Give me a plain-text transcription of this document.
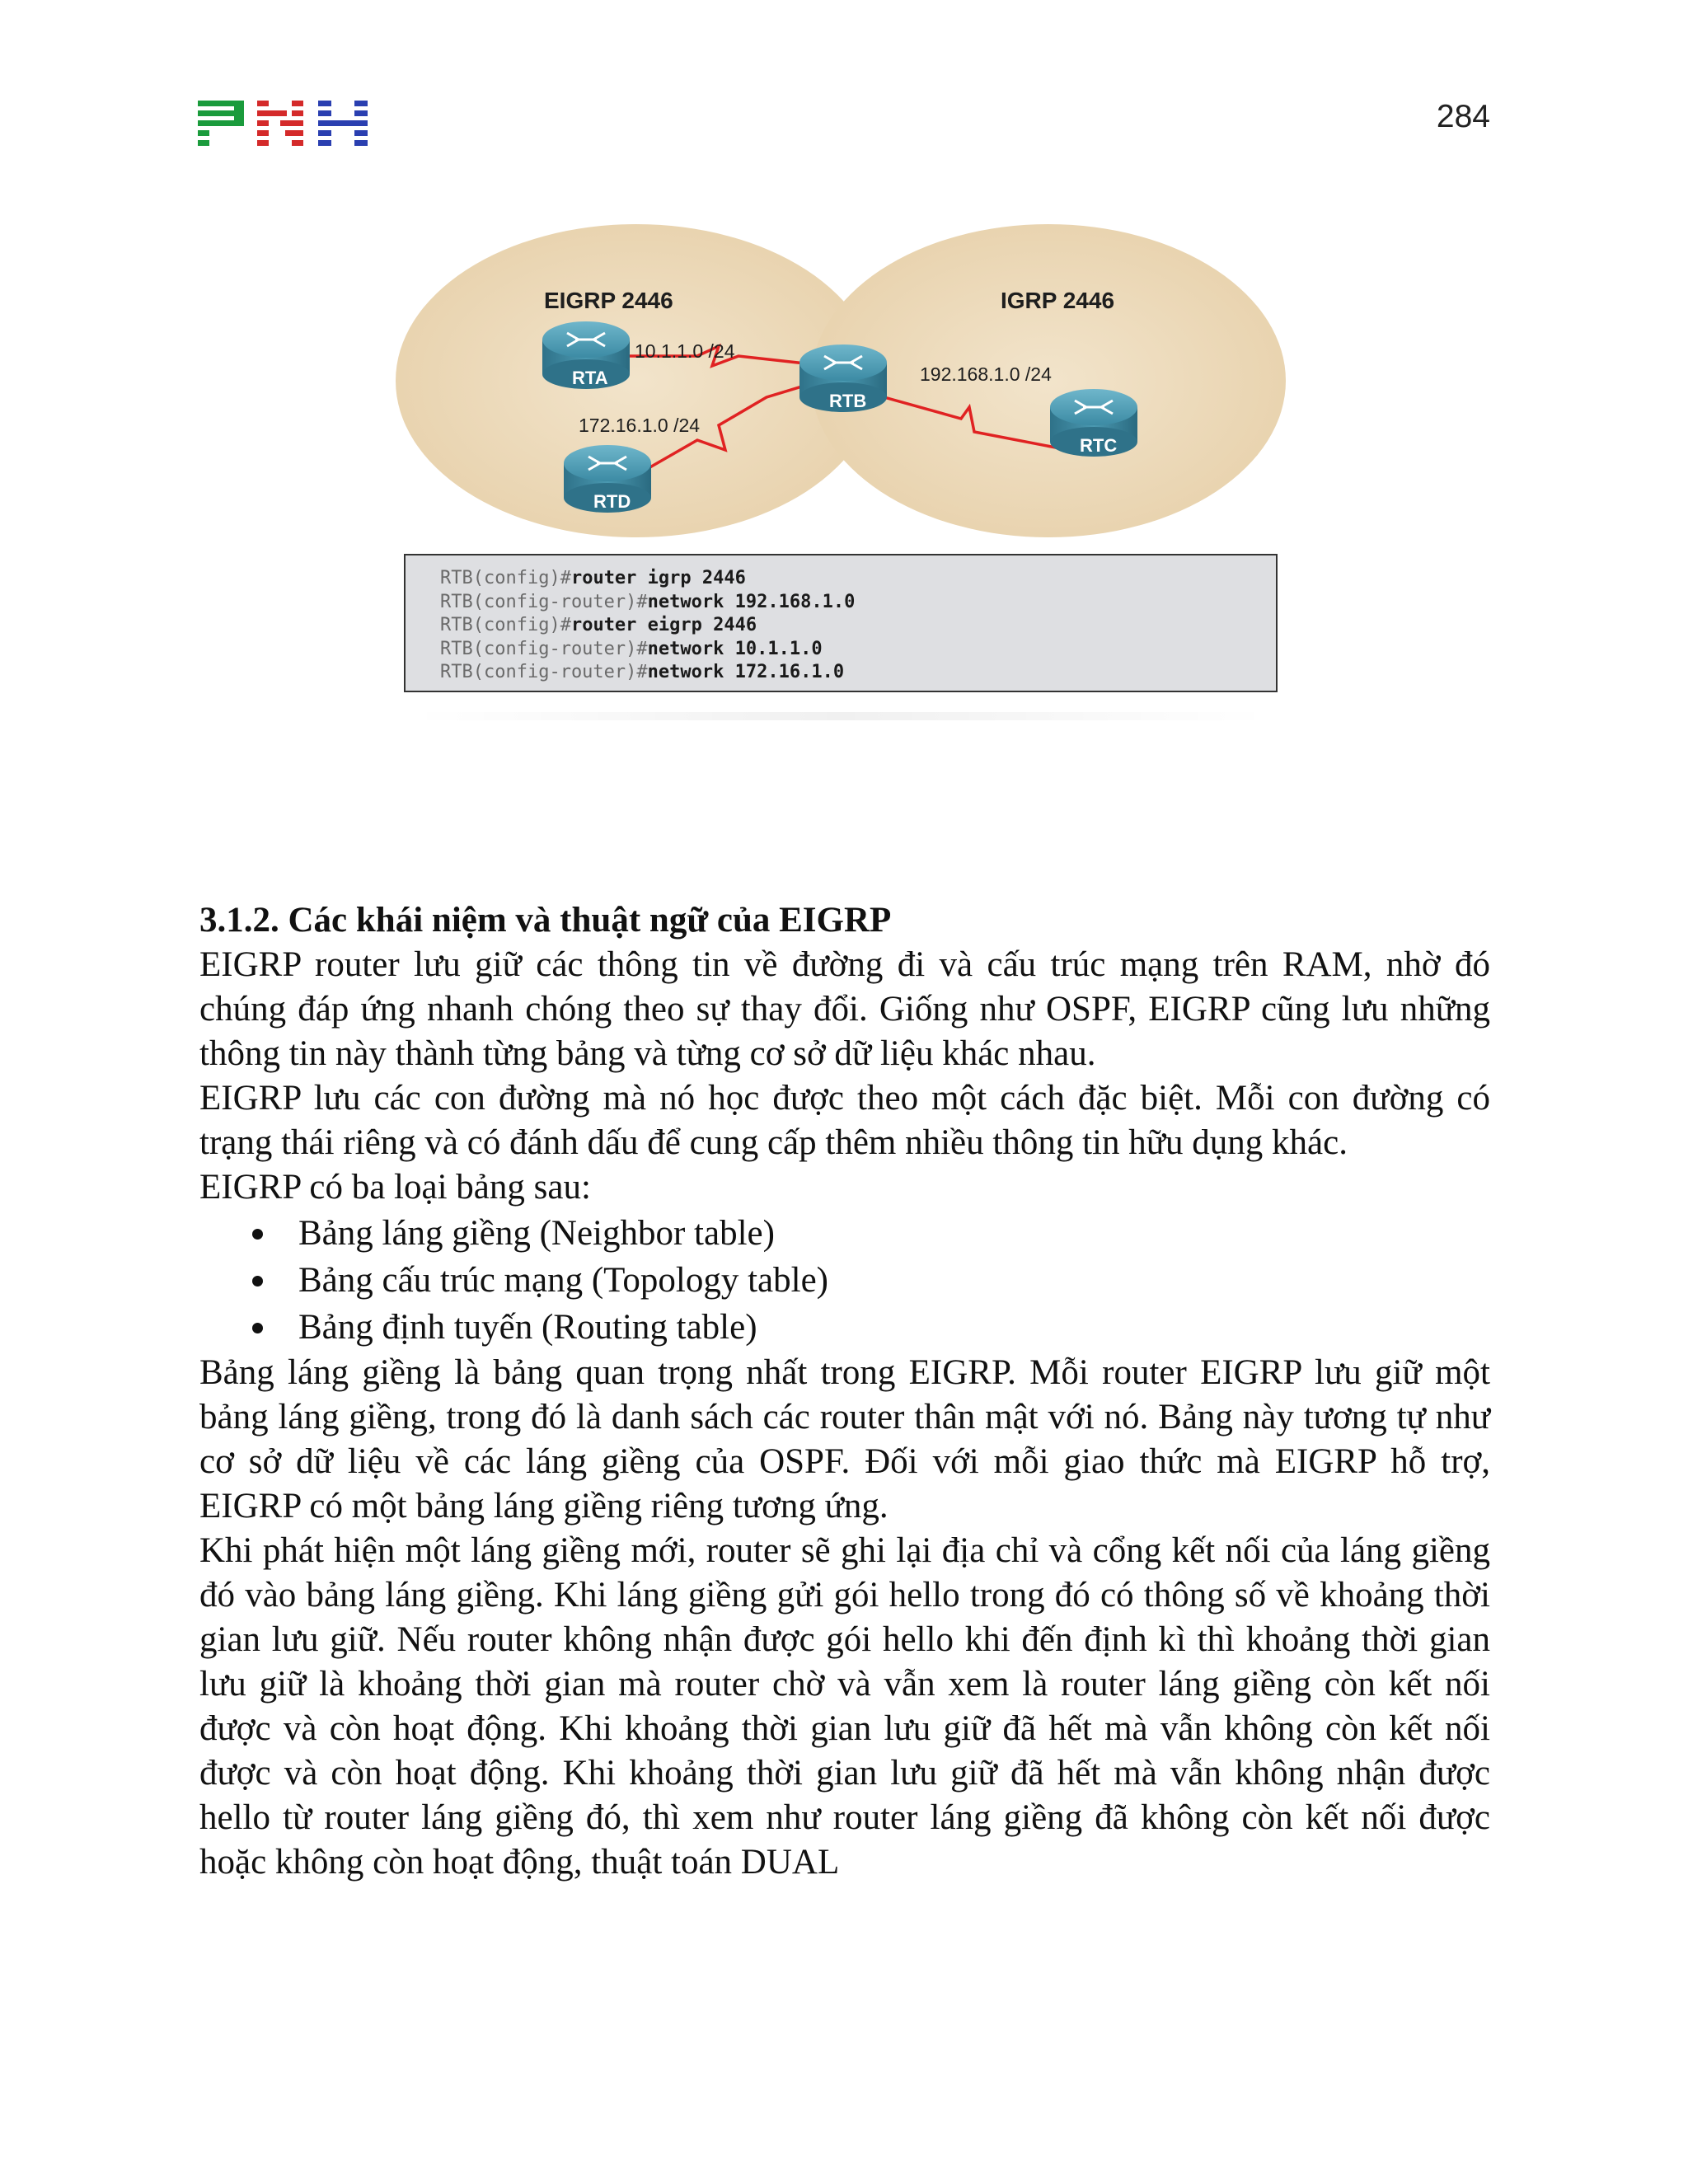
284
EIGRP 2446	IGRP 2446
10.1.1.0 /24
172.16.1.0 /24
192.168.1.0 /24
RTA
RTB
RTC
RTD
RTB(config)#router igrp 2446
RTB(config-router)#network 192.168.1.0
RTB(config)#router eigrp 2446
RTB(config-router)#network 10.1.1.0
RTB(config-router)#network 172.16.1.0
3.1.2. Các khái niệm và thuật ngữ của EIGRP

EIGRP router lưu giữ các thông tin về đường đi và cấu trúc mạng trên RAM, nhờ đó chúng đáp ứng nhanh chóng theo sự thay đổi. Giống như OSPF, EIGRP cũng lưu những thông tin này thành từng bảng và từng cơ sở dữ liệu khác nhau.

EIGRP lưu các con đường mà nó học được theo một cách đặc biệt. Mỗi con đường có trạng thái riêng và có đánh dấu để cung cấp thêm nhiều thông tin hữu dụng khác.

EIGRP có ba loại bảng sau:

Bảng láng giềng (Neighbor table)
Bảng cấu trúc mạng (Topology table)
Bảng định tuyến (Routing table)

Bảng láng giềng là bảng quan trọng nhất trong EIGRP. Mỗi router EIGRP lưu giữ một bảng láng giềng, trong đó là danh sách các router thân mật với nó. Bảng này tương tự như cơ sở dữ liệu về các láng giềng của OSPF. Đối với mỗi giao thức mà EIGRP hỗ trợ, EIGRP có một bảng láng giềng riêng tương ứng.

Khi phát hiện một láng giềng mới, router sẽ ghi lại địa chỉ và cổng kết nối của láng giềng đó vào bảng láng giềng. Khi láng giềng gửi gói hello trong đó có thông số về khoảng thời gian lưu giữ. Nếu router không nhận được gói hello khi đến định kì thì khoảng thời gian lưu giữ là khoảng thời gian mà router chờ và vẫn xem là router láng giềng còn kết nối được và còn hoạt động. Khi khoảng thời gian lưu giữ đã hết mà vẫn không còn kết nối được và còn hoạt động. Khi khoảng thời gian lưu giữ đã hết mà vẫn không nhận được hello từ router láng giềng đó, thì xem như router láng giềng đã không còn kết nối được hoặc không còn hoạt động, thuật toán DUAL
